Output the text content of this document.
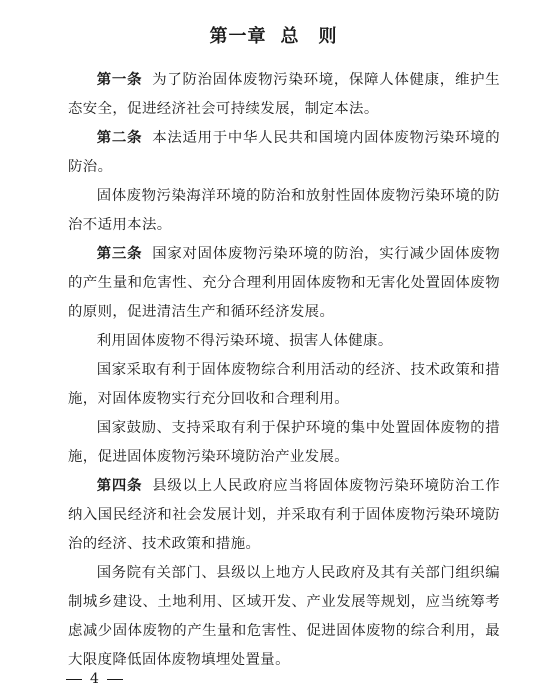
第一章 总　则

第一条 为了防治固体废物污染环境，保障人体健康，维护生态安全，促进经济社会可持续发展，制定本法。

第二条 本法适用于中华人民共和国境内固体废物污染环境的防治。

固体废物污染海洋环境的防治和放射性固体废物污染环境的防治不适用本法。

第三条 国家对固体废物污染环境的防治，实行减少固体废物的产生量和危害性、充分合理利用固体废物和无害化处置固体废物的原则，促进清洁生产和循环经济发展。

利用固体废物不得污染环境、损害人体健康。

国家采取有利于固体废物综合利用活动的经济、技术政策和措施，对固体废物实行充分回收和合理利用。

国家鼓励、支持采取有利于保护环境的集中处置固体废物的措施，促进固体废物污染环境防治产业发展。

第四条 县级以上人民政府应当将固体废物污染环境防治工作纳入国民经济和社会发展计划，并采取有利于固体废物污染环境防治的经济、技术政策和措施。

国务院有关部门、县级以上地方人民政府及其有关部门组织编制城乡建设、土地利用、区域开发、产业发展等规划，应当统筹考虑减少固体废物的产生量和危害性、促进固体废物的综合利用，最大限度降低固体废物填埋处置量。

4
